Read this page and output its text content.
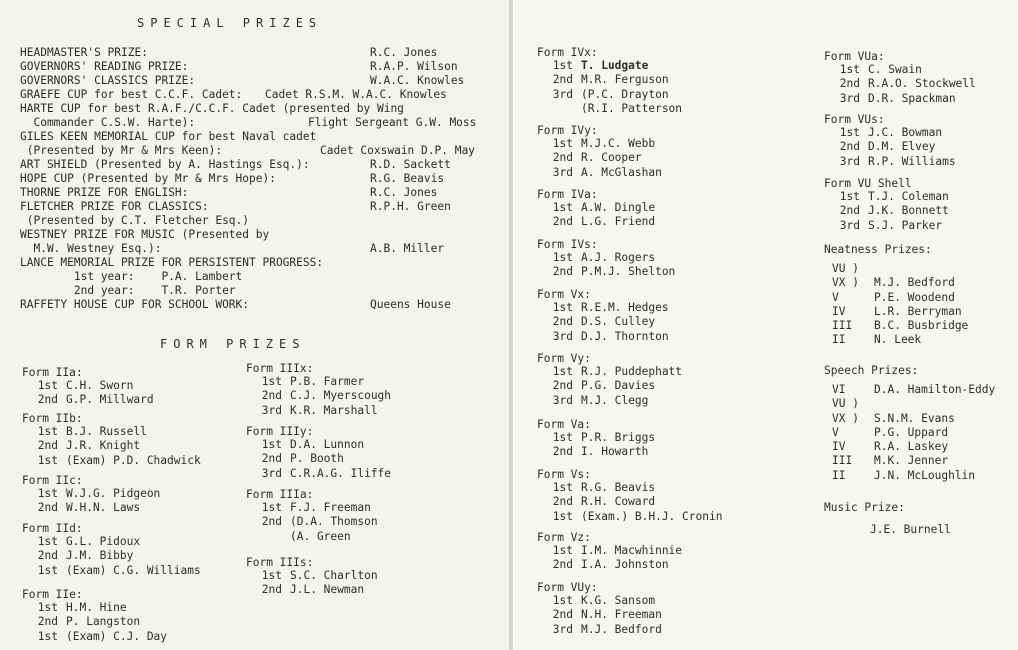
SPECIAL PRIZES
HEADMASTER'S PRIZE:	R.C. Jones
GOVERNORS' READING PRIZE:	R.A.P. Wilson
GOVERNORS' CLASSICS PRIZE:	W.A.C. Knowles
GRAEFE CUP for best C.C.F. Cadet: Cadet R.S.M. W.A.C. Knowles
HARTE CUP for best R.A.F./C.C.F. Cadet (presented by Wing
Commander C.S.W. Harte):	Flight Sergeant G.W. Moss
GILES KEEN MEMORIAL CUP for best Naval cadet
(Presented by Mr & Mrs Keen):	Cadet Coxswain D.P. May
ART SHIELD (Presented by A. Hastings Esq.):	R.D. Sackett
HOPE CUP (Presented by Mr & Mrs Hope):	R.G. Beavis
THORNE PRIZE FOR ENGLISH:	R.C. Jones
FLETCHER PRIZE FOR CLASSICS:	R.P.H. Green
(Presented by C.T. Fletcher Esq.)
WESTNEY PRIZE FOR MUSIC (Presented by
M.W. Westney Esq.):	A.B. Miller
LANCE MEMORIAL PRIZE FOR PERSISTENT PROGRESS:
1st year:    P.A. Lambert
2nd year:    T.R. Porter
RAFFETY HOUSE CUP FOR SCHOOL WORK:	Queens House
FORM PRIZES
Form IIa:
1st C.H. Sworn
2nd G.P. Millward
Form IIb:
1st B.J. Russell
2nd J.R. Knight
1st (Exam) P.D. Chadwick
Form IIc:
1st W.J.G. Pidgeon
2nd W.H.N. Laws
Form IId:
1st G.L. Pidoux
2nd J.M. Bibby
1st (Exam) C.G. Williams
Form IIe:
1st H.M. Hine
2nd P. Langston
1st (Exam) C.J. Day
Form IIIx:
1st P.B. Farmer
2nd C.J. Myerscough
3rd K.R. Marshall
Form IIIy:
1st D.A. Lunnon
2nd P. Booth
3rd C.R.A.G. Iliffe
Form IIIa:
1st F.J. Freeman
2nd (D.A. Thomson
(A. Green
Form IIIs:
1st S.C. Charlton
2nd J.L. Newman
Form IVx:
1st T. Ludgate
2nd M.R. Ferguson
3rd (P.C. Drayton
(R.I. Patterson
Form IVy:
1st M.J.C. Webb
2nd R. Cooper
3rd A. McGlashan
Form IVa:
1st A.W. Dingle
2nd L.G. Friend
Form IVs:
1st A.J. Rogers
2nd P.M.J. Shelton
Form Vx:
1st R.E.M. Hedges
2nd D.S. Culley
3rd D.J. Thornton
Form Vy:
1st R.J. Puddephatt
2nd P.G. Davies
3rd M.J. Clegg
Form Va:
1st P.R. Briggs
2nd I. Howarth
Form Vs:
1st R.G. Beavis
2nd R.H. Coward
1st (Exam.) B.H.J. Cronin
Form Vz:
1st I.M. Macwhinnie
2nd I.A. Johnston
Form VUy:
1st K.G. Sansom
2nd N.H. Freeman
3rd M.J. Bedford
Form VUa:
1st C. Swain
2nd R.A.O. Stockwell
3rd D.R. Spackman
Form VUs:
1st J.C. Bowman
2nd D.M. Elvey
3rd R.P. Williams
Form VU Shell
1st T.J. Coleman
2nd J.K. Bonnett
3rd S.J. Parker
Neatness Prizes:
VU )
VX )	M.J. Bedford
V	P.E. Woodend
IV	L.R. Berryman
III	B.C. Busbridge
II	N. Leek
Speech Prizes:
VI	D.A. Hamilton-Eddy
VU )
VX )	S.N.M. Evans
V	P.G. Uppard
IV	R.A. Laskey
III	M.K. Jenner
II	J.N. McLoughlin
Music Prize:
J.E. Burnell
